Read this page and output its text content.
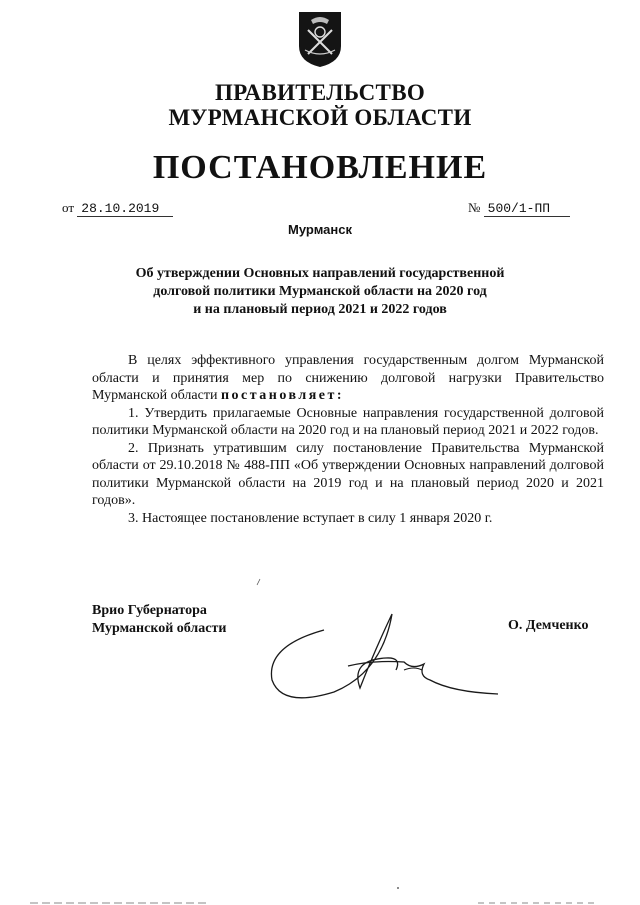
ПРАВИТЕЛЬСТВО
МУРМАНСКОЙ ОБЛАСТИ
ПОСТАНОВЛЕНИЕ
от 28.10.2019	№ 500/1-ПП
Мурманск
Об утверждении Основных направлений государственной
долговой политики Мурманской области на 2020 год
и на плановый период 2021 и 2022 годов

В целях эффективного управления государственным долгом Мурманской области и принятия мер по снижению долговой нагрузки Правительство Мурманской области постановляет:

1. Утвердить прилагаемые Основные направления государственной долговой политики Мурманской области на 2020 год и на плановый период 2021 и 2022 годов.

2. Признать утратившим силу постановление Правительства Мурманской области от 29.10.2018 № 488-ПП «Об утверждении Основных направлений долговой политики Мурманской области на 2019 год и на плановый период 2020 и 2021 годов».

3. Настоящее постановление вступает в силу 1 января 2020 г.

Врио Губернатора
Мурманской области	О. Демченко
